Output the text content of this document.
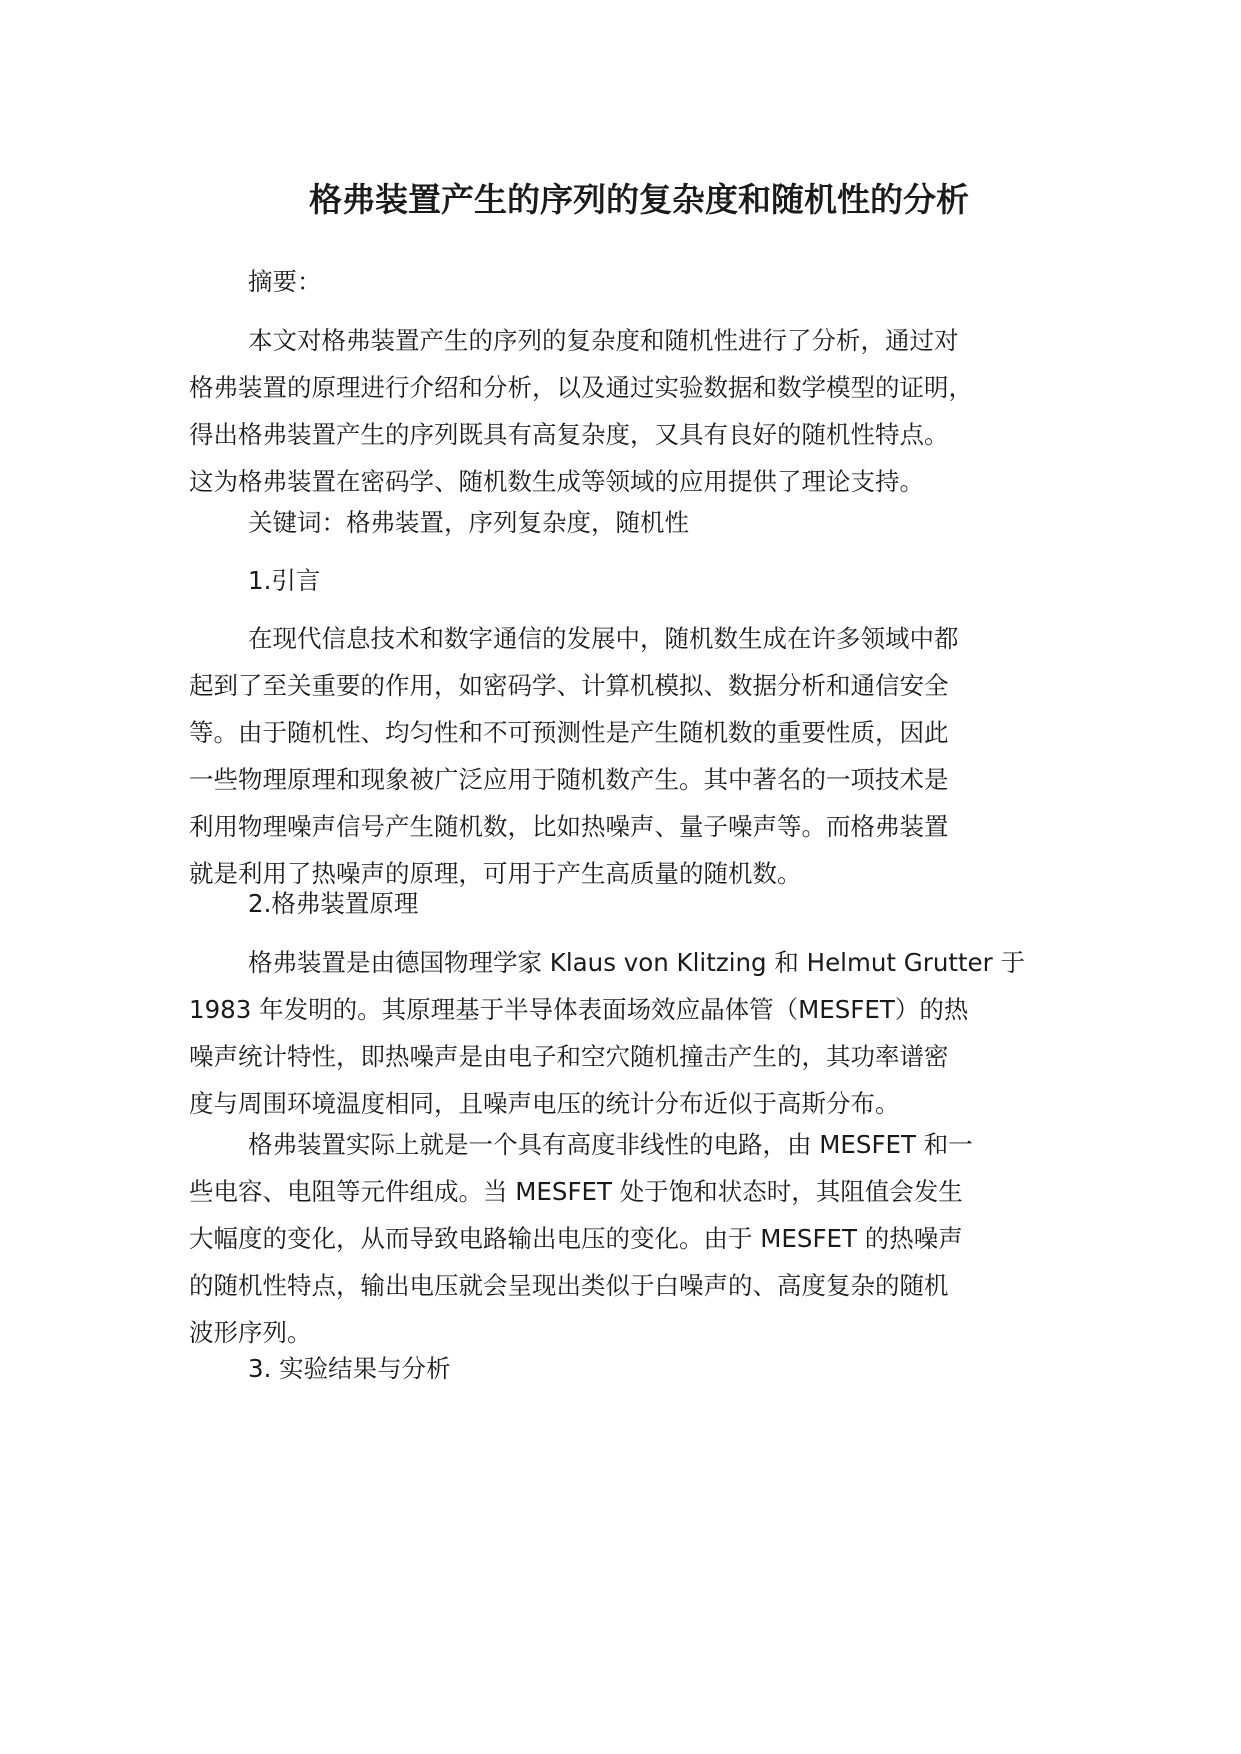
格弗装置产生的序列的复杂度和随机性的分析

摘要：

本文对格弗装置产生的序列的复杂度和随机性进行了分析，通过对
格弗装置的原理进行介绍和分析，以及通过实验数据和数学模型的证明，
得出格弗装置产生的序列既具有高复杂度，又具有良好的随机性特点。
这为格弗装置在密码学、随机数生成等领域的应用提供了理论支持。

关键词：格弗装置，序列复杂度，随机性

1.引言

在现代信息技术和数字通信的发展中，随机数生成在许多领域中都
起到了至关重要的作用，如密码学、计算机模拟、数据分析和通信安全
等。由于随机性、均匀性和不可预测性是产生随机数的重要性质，因此
一些物理原理和现象被广泛应用于随机数产生。其中著名的一项技术是
利用物理噪声信号产生随机数，比如热噪声、量子噪声等。而格弗装置
就是利用了热噪声的原理，可用于产生高质量的随机数。

2.格弗装置原理

格弗装置是由德国物理学家 Klaus von Klitzing 和 Helmut Grutter 于
1983 年发明的。其原理基于半导体表面场效应晶体管（MESFET）的热
噪声统计特性，即热噪声是由电子和空穴随机撞击产生的，其功率谱密
度与周围环境温度相同，且噪声电压的统计分布近似于高斯分布。
格弗装置实际上就是一个具有高度非线性的电路，由 MESFET 和一
些电容、电阻等元件组成。当 MESFET 处于饱和状态时，其阻值会发生
大幅度的变化，从而导致电路输出电压的变化。由于 MESFET 的热噪声
的随机性特点，输出电压就会呈现出类似于白噪声的、高度复杂的随机
波形序列。

3. 实验结果与分析
